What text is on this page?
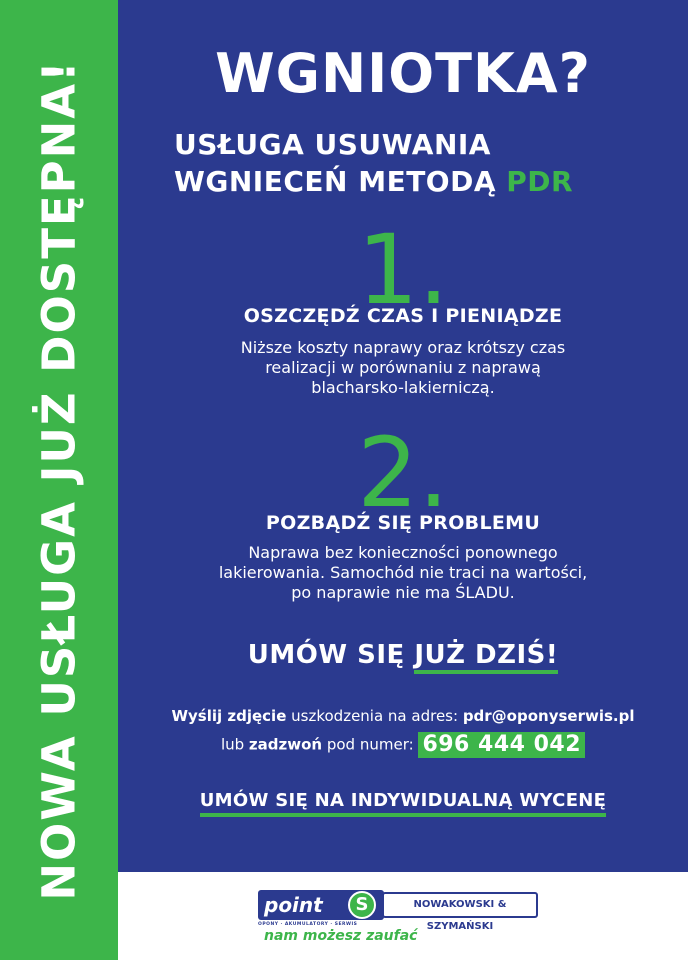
NOWA USŁUGA JUŻ DOSTĘPNA!	WGNIOTKA?
USŁUGA USUWANIA
WGNIECEŃ METODĄ PDR
1.
OSZCZĘDŹ CZAS I PIENIĄDZE
Niższe koszty naprawy oraz krótszy czas
realizacji w porównaniu z naprawą
blacharsko-lakierniczą.
2.
POZBĄDŹ SIĘ PROBLEMU
Naprawa bez konieczności ponownego
lakierowania. Samochód nie traci na wartości,
po naprawie nie ma ŚLADU.
UMÓW SIĘ JUŻ DZIŚ!
Wyślij zdjęcie uszkodzenia na adres: pdr@oponyserwis.pl
lub zadzwoń pod numer: 696 444 042
UMÓW SIĘ NA INDYWIDUALNĄ WYCENĘ
point	S	NOWAKOWSKI & SZYMAŃSKI
OPONY · AKUMULATORY · SERWIS
nam możesz zaufać
